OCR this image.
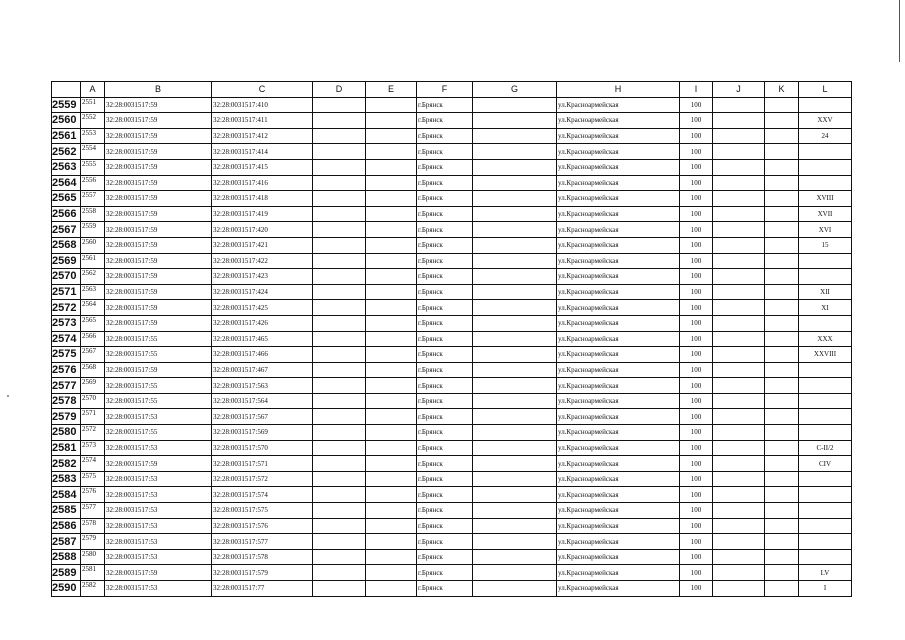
	A	B	C	D	E	F	G	H	I	J	K	L
2559	2551	32:28:0031517:59	32:28:0031517:410			г.Брянск		ул.Красноармейская	100			
2560	2552	32:28:0031517:59	32:28:0031517:411			г.Брянск		ул.Красноармейская	100			XXV
2561	2553	32:28:0031517:59	32:28:0031517:412			г.Брянск		ул.Красноармейская	100			24
2562	2554	32:28:0031517:59	32:28:0031517:414			г.Брянск		ул.Красноармейская	100			
2563	2555	32:28:0031517:59	32:28:0031517:415			г.Брянск		ул.Красноармейская	100			
2564	2556	32:28:0031517:59	32:28:0031517:416			г.Брянск		ул.Красноармейская	100			
2565	2557	32:28:0031517:59	32:28:0031517:418			г.Брянск		ул.Красноармейская	100			XVIII
2566	2558	32:28:0031517:59	32:28:0031517:419			г.Брянск		ул.Красноармейская	100			XVII
2567	2559	32:28:0031517:59	32:28:0031517:420			г.Брянск		ул.Красноармейская	100			XVI
2568	2560	32:28:0031517:59	32:28:0031517:421			г.Брянск		ул.Красноармейская	100			15
2569	2561	32:28:0031517:59	32:28:0031517:422			г.Брянск		ул.Красноармейская	100			
2570	2562	32:28:0031517:59	32:28:0031517:423			г.Брянск		ул.Красноармейская	100			
2571	2563	32:28:0031517:59	32:28:0031517:424			г.Брянск		ул.Красноармейская	100			XII
2572	2564	32:28:0031517:59	32:28:0031517:425			г.Брянск		ул.Красноармейская	100			XI
2573	2565	32:28:0031517:59	32:28:0031517:426			г.Брянск		ул.Красноармейская	100			
2574	2566	32:28:0031517:55	32:28:0031517:465			г.Брянск		ул.Красноармейская	100			XXX
2575	2567	32:28:0031517:55	32:28:0031517:466			г.Брянск		ул.Красноармейская	100			XXVIII
2576	2568	32:28:0031517:59	32:28:0031517:467			г.Брянск		ул.Красноармейская	100			
2577	2569	32:28:0031517:55	32:28:0031517:563			г.Брянск		ул.Красноармейская	100			
2578	2570	32:28:0031517:55	32:28:0031517:564			г.Брянск		ул.Красноармейская	100			
2579	2571	32:28:0031517:53	32:28:0031517:567			г.Брянск		ул.Красноармейская	100			
2580	2572	32:28:0031517:55	32:28:0031517:569			г.Брянск		ул.Красноармейская	100			
2581	2573	32:28:0031517:53	32:28:0031517:570			г.Брянск		ул.Красноармейская	100			C-II/2
2582	2574	32:28:0031517:59	32:28:0031517:571			г.Брянск		ул.Красноармейская	100			CIV
2583	2575	32:28:0031517:53	32:28:0031517:572			г.Брянск		ул.Красноармейская	100			
2584	2576	32:28:0031517:53	32:28:0031517:574			г.Брянск		ул.Красноармейская	100			
2585	2577	32:28:0031517:53	32:28:0031517:575			г.Брянск		ул.Красноармейская	100			
2586	2578	32:28:0031517:53	32:28:0031517:576			г.Брянск		ул.Красноармейская	100			
2587	2579	32:28:0031517:53	32:28:0031517:577			г.Брянск		ул.Красноармейская	100			
2588	2580	32:28:0031517:53	32:28:0031517:578			г.Брянск		ул.Красноармейская	100			
2589	2581	32:28:0031517:59	32:28:0031517:579			г.Брянск		ул.Красноармейская	100			LV
2590	2582	32:28:0031517:53	32:28:0031517:77			г.Брянск		ул.Красноармейская	100			I
